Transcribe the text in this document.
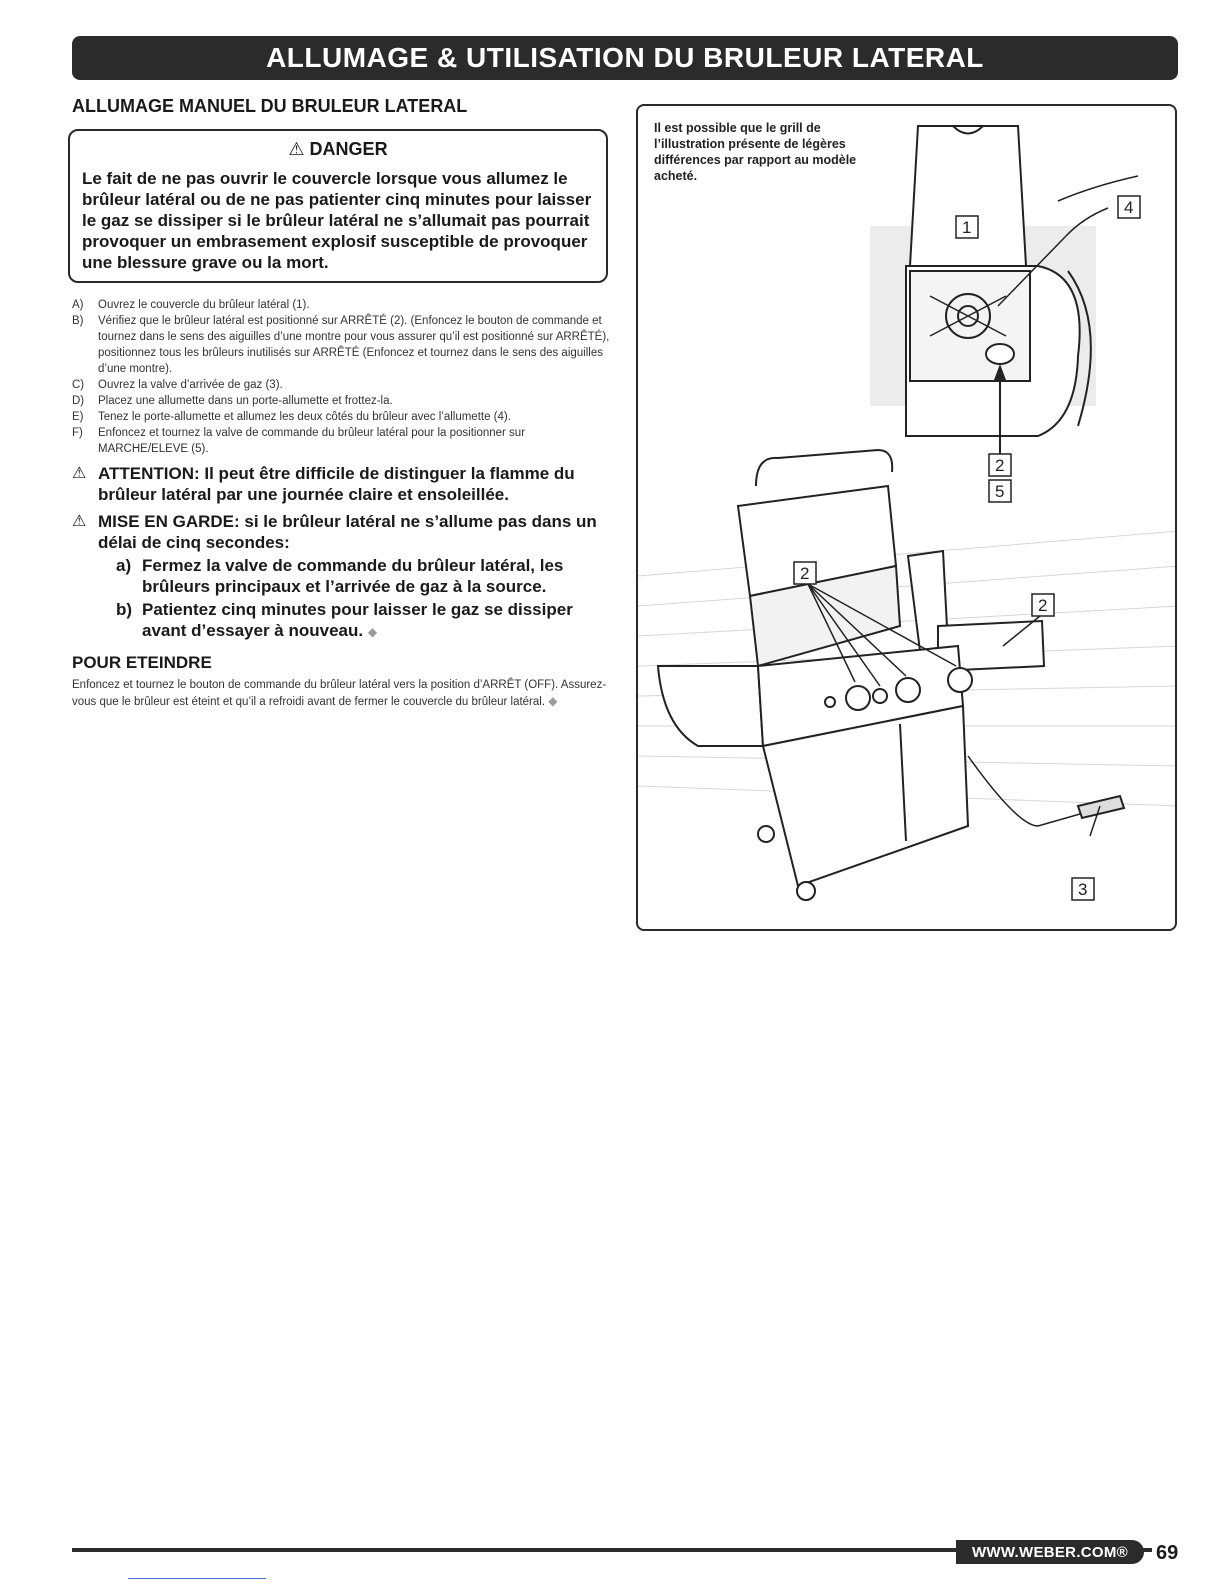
ALLUMAGE & UTILISATION DU BRULEUR LATERAL
ALLUMAGE MANUEL DU BRULEUR LATERAL
⚠ DANGER

Le fait de ne pas ouvrir le couvercle lorsque vous allumez le brûleur latéral ou de ne pas patienter cinq minutes pour laisser le gaz se dissiper si le brûleur latéral ne s’allumait pas pourrait provoquer un embrasement explosif susceptible de provoquer une blessure grave ou la mort.

A)	Ouvrez le couvercle du brûleur latéral (1).
B)	Vérifiez que le brûleur latéral est positionné sur ARRÊTÉ (2). (Enfoncez le bouton de commande et tournez dans le sens des aiguilles d’une montre pour vous assurer qu’il est positionné sur ARRÊTÉ), positionnez tous les brûleurs inutilisés sur ARRÊTÉ (Enfoncez et tournez dans le sens des aiguilles d’une montre).
C)	Ouvrez la valve d’arrivée de gaz (3).
D)	Placez une allumette dans un porte-allumette et frottez-la.
E)	Tenez le porte-allumette et allumez les deux côtés du brûleur avec l’allumette (4).
F)	Enfoncez et tournez la valve de commande du brûleur latéral pour la positionner sur MARCHE/ELEVE (5).
⚠ ATTENTION: Il peut être difficile de distinguer la flamme du brûleur latéral par une journée claire et ensoleillée.
⚠ MISE EN GARDE: si le brûleur latéral ne s’allume pas dans un délai de cinq secondes:
a) Fermez la valve de commande du brûleur latéral, les brûleurs principaux et l’arrivée de gaz à la source.
b) Patientez cinq minutes pour laisser le gaz se dissiper avant d’essayer à nouveau. ◆
POUR ETEINDRE

Enfoncez et tournez le bouton de commande du brûleur latéral vers la position d’ARRÊT (OFF). Assurez-vous que le brûleur est éteint et qu’il a refroidi avant de fermer le couvercle du brûleur latéral. ◆

1
4
2
5
2
2
3

Il est possible que le grill de l’illustration présente de légères différences par rapport au modèle acheté.

WWW.WEBER.COM®	69
